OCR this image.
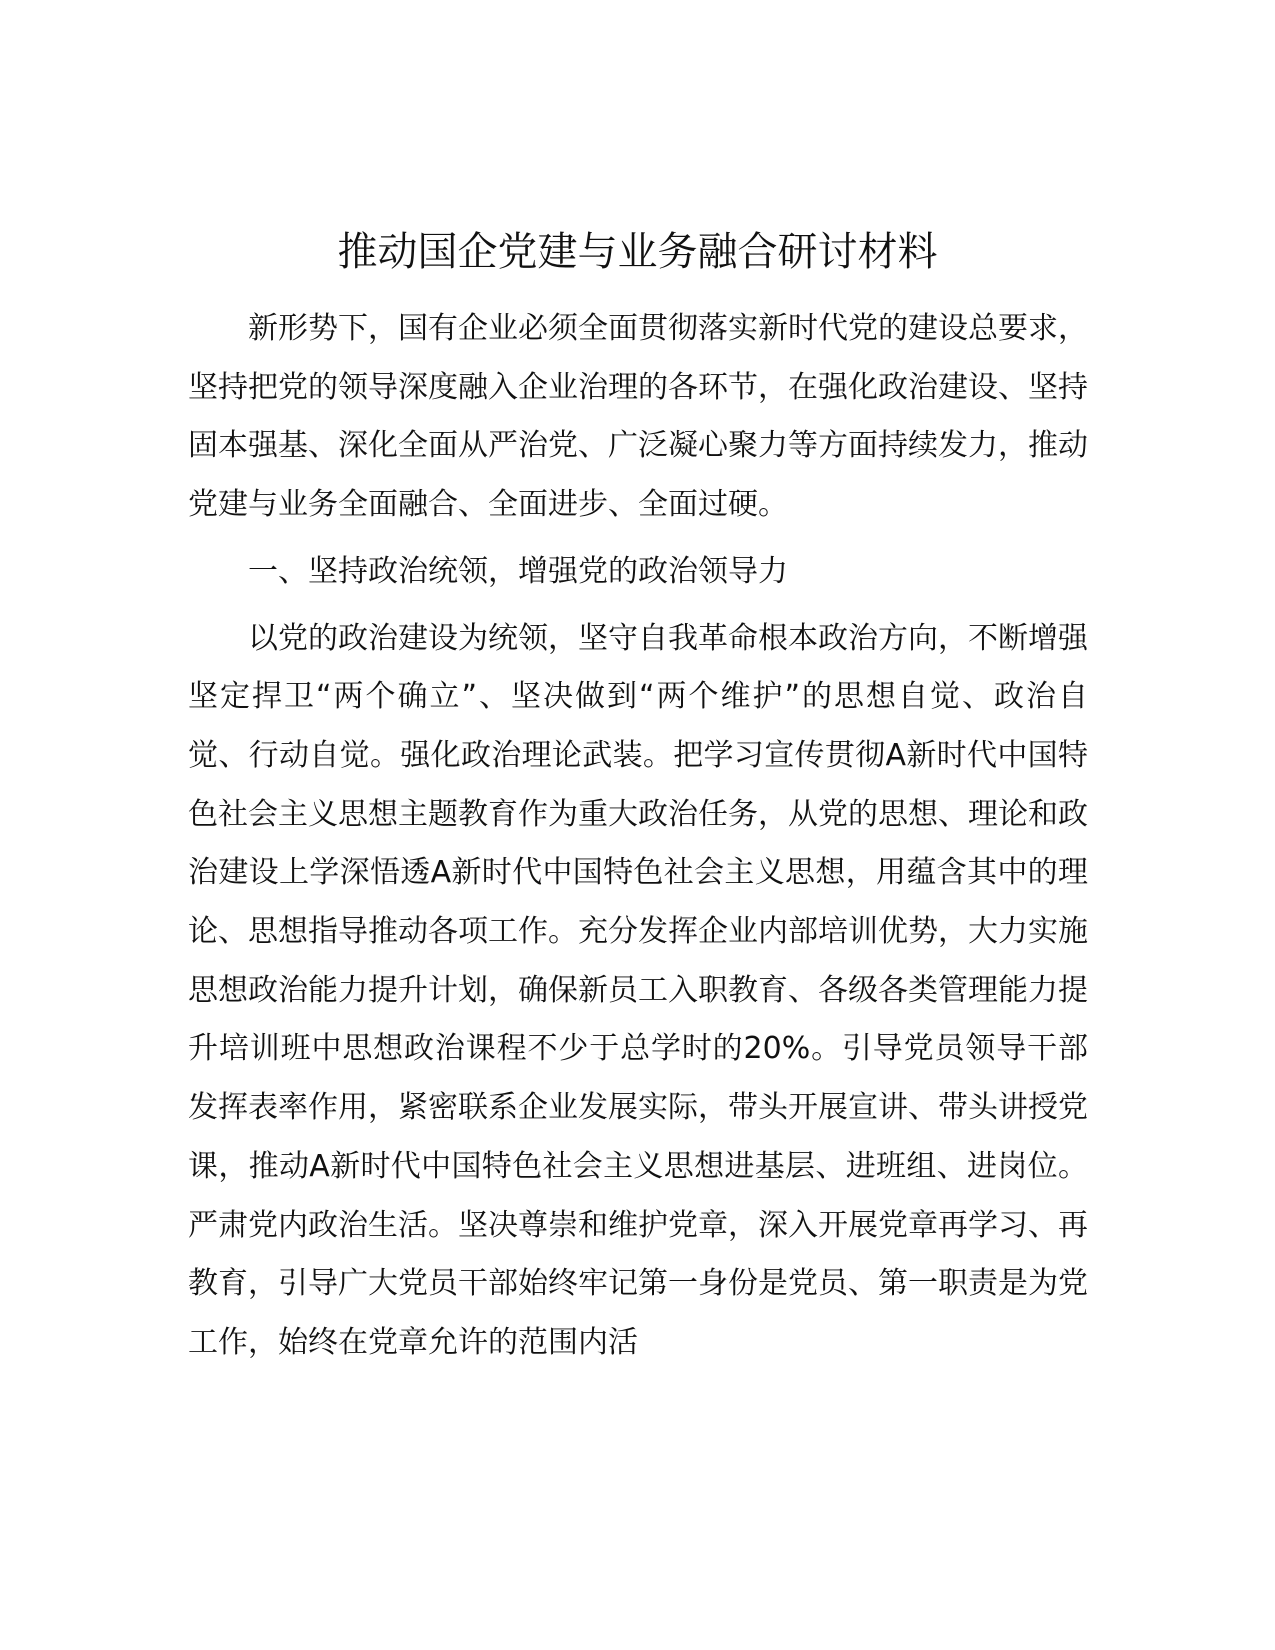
推动国企党建与业务融合研讨材料

新形势下，国有企业必须全面贯彻落实新时代党的建设总要求，坚持把党的领导深度融入企业治理的各环节，在强化政治建设、坚持固本强基、深化全面从严治党、广泛凝心聚力等方面持续发力，推动党建与业务全面融合、全面进步、全面过硬。

一、坚持政治统领，增强党的政治领导力

以党的政治建设为统领，坚守自我革命根本政治方向，不断增强坚定捍卫“两个确立”、坚决做到“两个维护”的思想自觉、政治自觉、行动自觉。强化政治理论武装。把学习宣传贯彻A新时代中国特色社会主义思想主题教育作为重大政治任务，从党的思想、理论和政治建设上学深悟透A新时代中国特色社会主义思想，用蕴含其中的理论、思想指导推动各项工作。充分发挥企业内部培训优势，大力实施思想政治能力提升计划，确保新员工入职教育、各级各类管理能力提升培训班中思想政治课程不少于总学时的20%。引导党员领导干部发挥表率作用，紧密联系企业发展实际，带头开展宣讲、带头讲授党课，推动A新时代中国特色社会主义思想进基层、进班组、进岗位。严肃党内政治生活。坚决尊崇和维护党章，深入开展党章再学习、再教育，引导广大党员干部始终牢记第一身份是党员、第一职责是为党工作，始终在党章允许的范围内活
